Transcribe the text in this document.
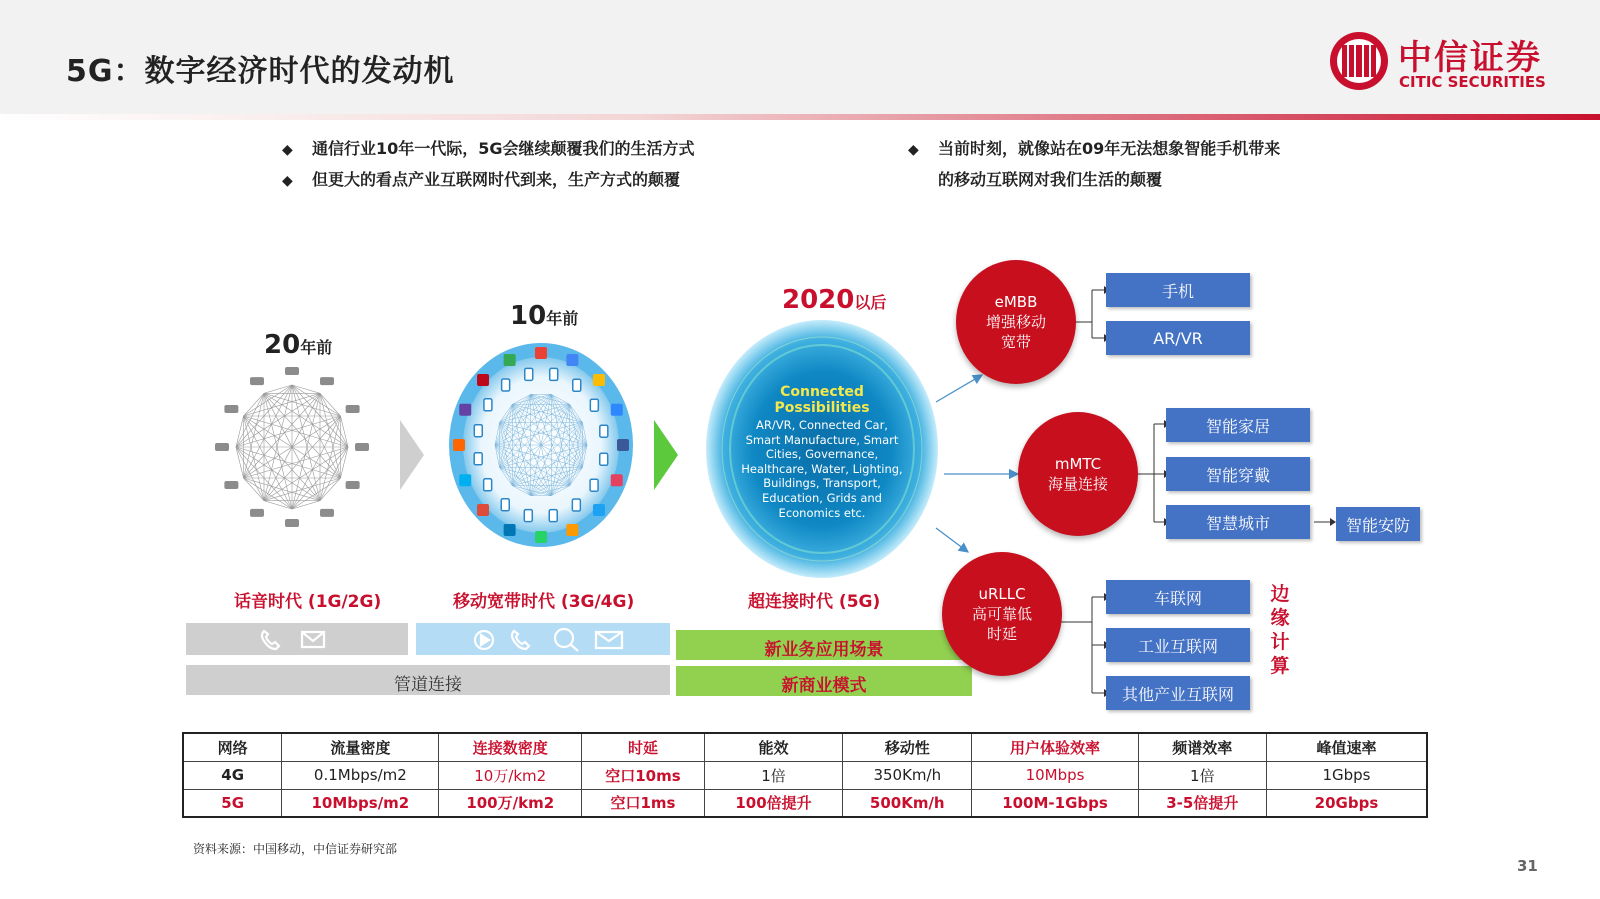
5G：数字经济时代的发动机	中信证券
CITIC SECURITIES
◆ 通信行业10年一代际，5G会继续颠覆我们的生活方式
◆ 但更大的看点产业互联网时代到来，生产方式的颠覆
◆ 当前时刻，就像站在09年无法想象智能手机带来
的移动互联网对我们生活的颠覆
20年前
10年前
2020以后
Connected Possibilities
AR/VR, Connected Car,
Smart Manufacture, Smart
Cities, Governance,
Healthcare, Water, Lighting,
Buildings, Transport,
Education, Grids and
Economics etc.
话音时代 (1G/2G)	移动宽带时代 (3G/4G)	超连接时代 (5G)
管道连接
新业务应用场景
新商业模式
eMBB
增强移动
宽带
mMTC
海量连接
uRLLC
高可靠低
时延
手机
AR/VR
智能家居
智能穿戴
智慧城市	智能安防
车联网
工业互联网
其他产业互联网
边
缘
计
算
网络	流量密度	连接数密度	时延	能效	移动性	用户体验效率	频谱效率	峰值速率
4G	0.1Mbps/m2	10万/km2	空口10ms	1倍	350Km/h	10Mbps	1倍	1Gbps
5G	10Mbps/m2	100万/km2	空口1ms	100倍提升	500Km/h	100M-1Gbps	3-5倍提升	20Gbps
资料来源：中国移动，中信证券研究部
31
